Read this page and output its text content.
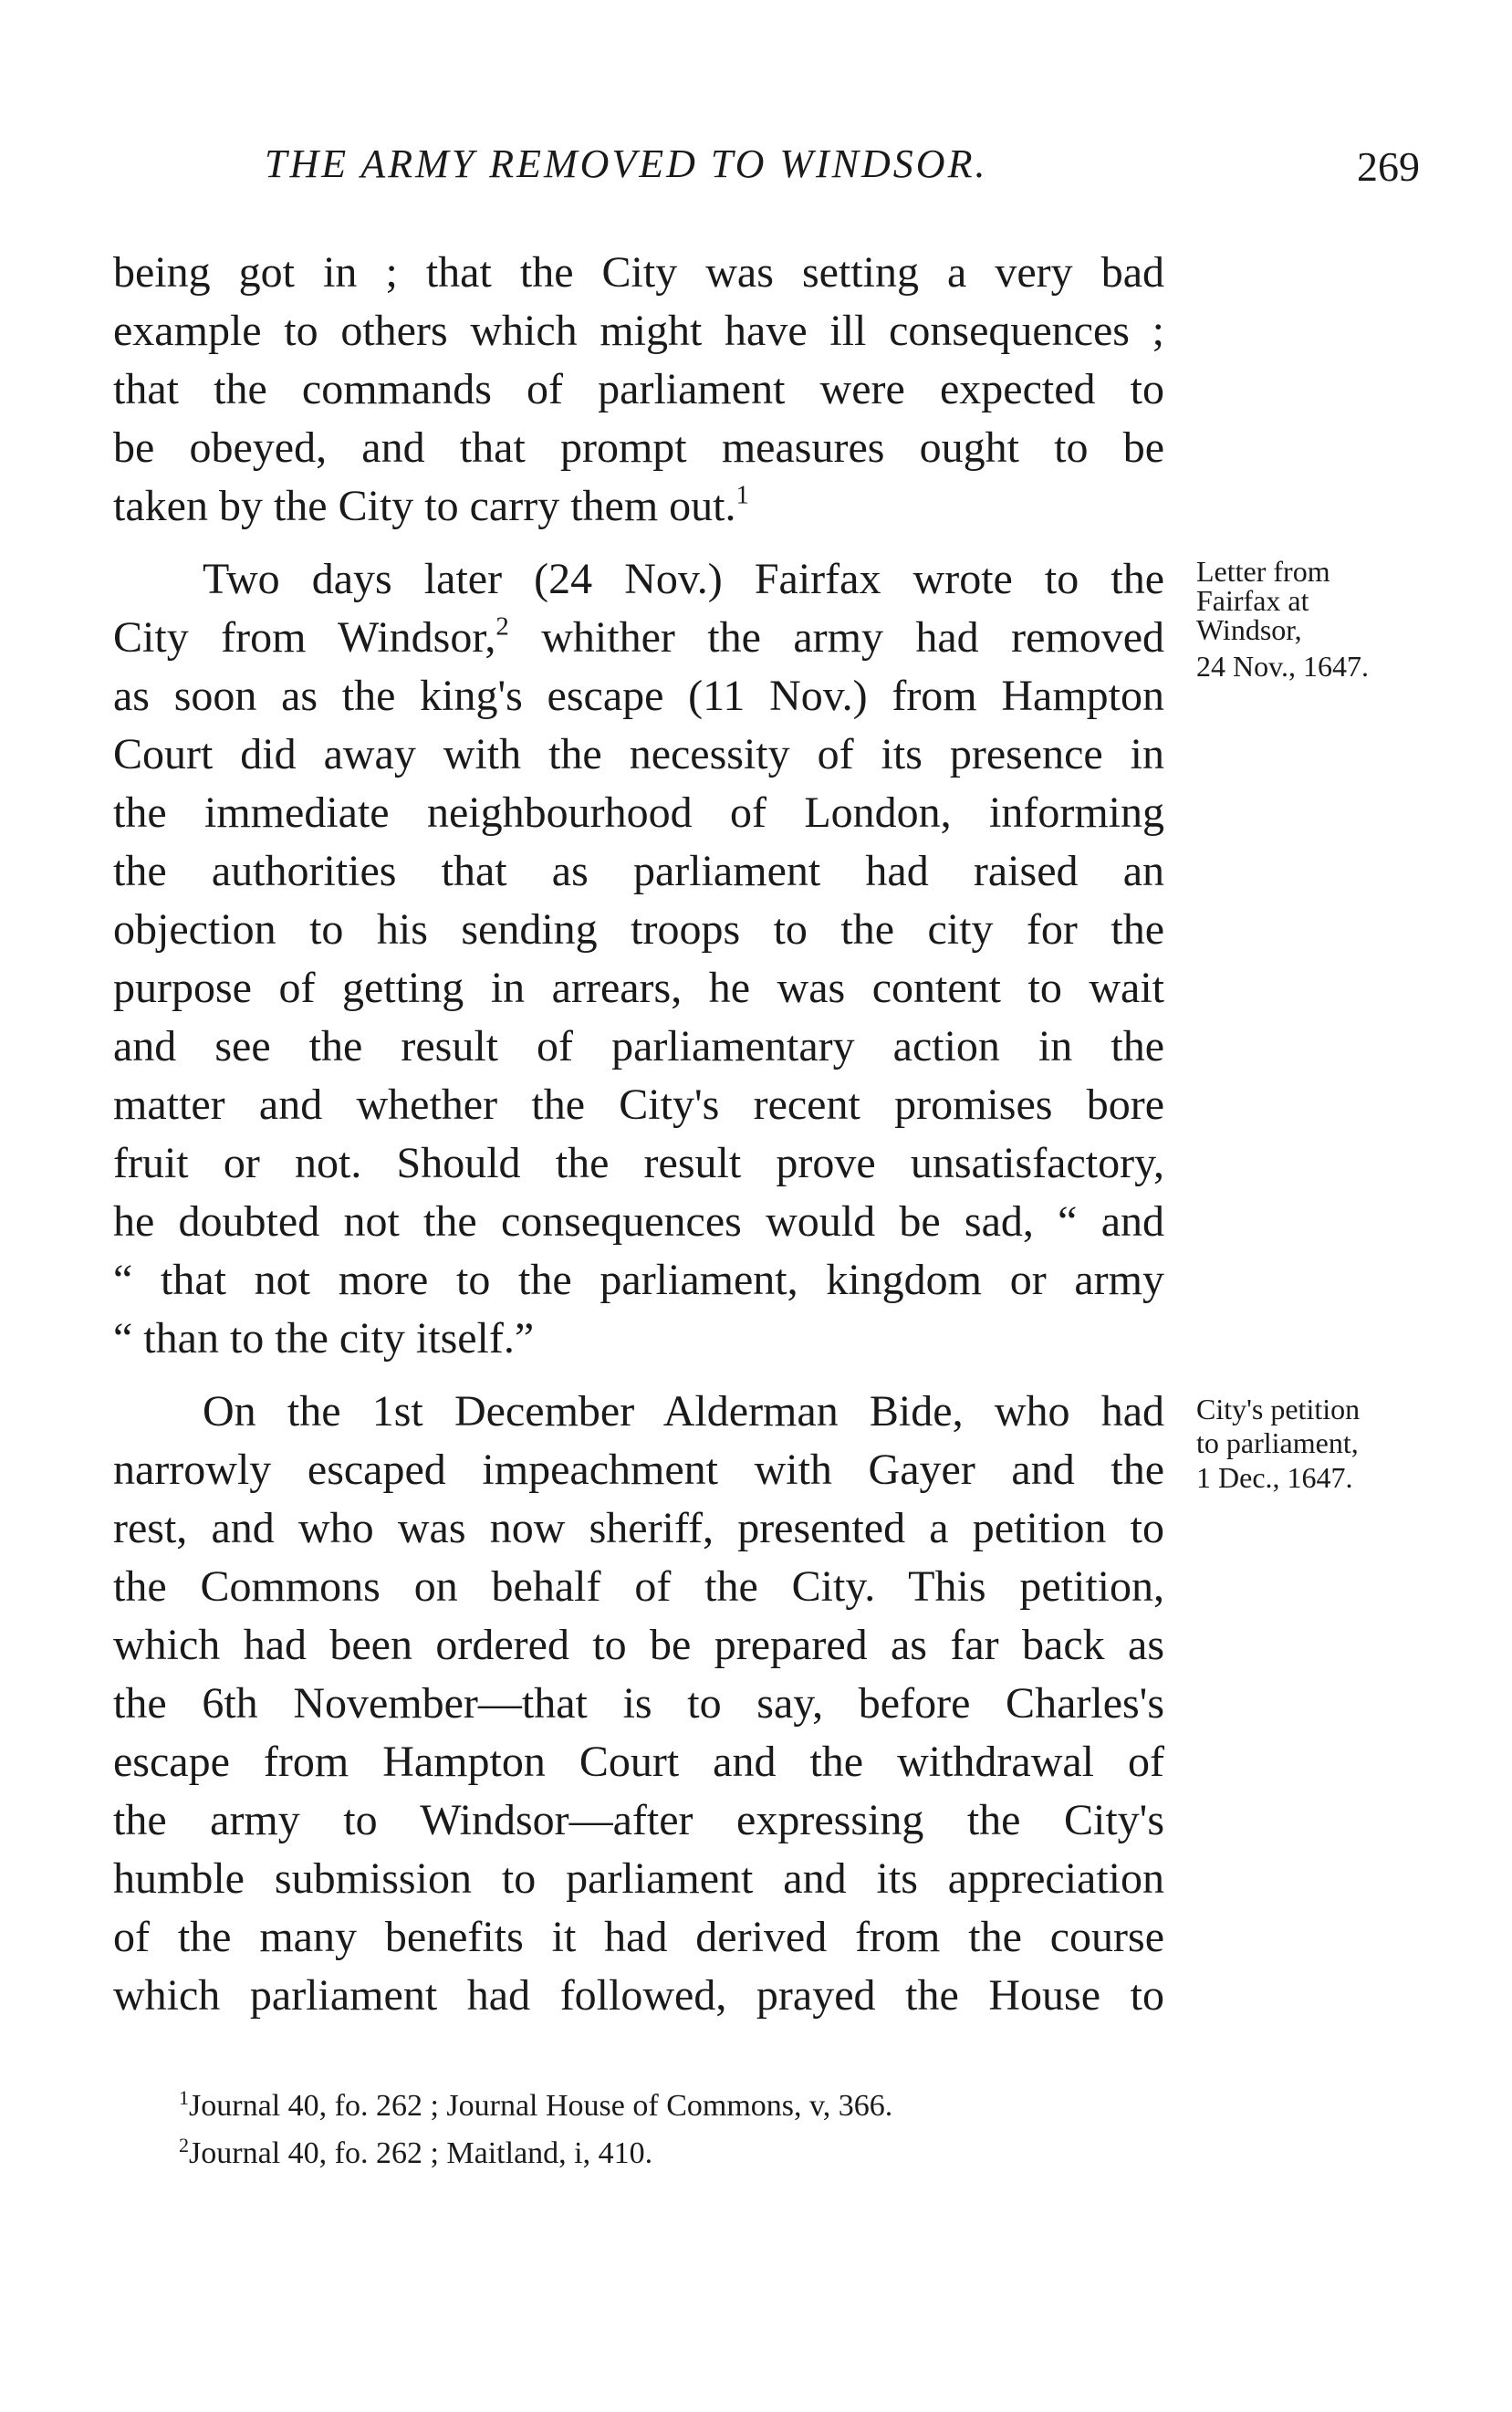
THE ARMY REMOVED TO WINDSOR.	269
being got in ; that the City was setting a very bad
example to others which might have ill consequences ;
that the commands of parliament were expected to
be obeyed, and that prompt measures ought to be
taken by the City to carry them out.$^1$
Two days later (24 Nov.) Fairfax wrote to the
City from Windsor,$^2$ whither the army had removed
as soon as the king's escape (11 Nov.) from Hampton
Court did away with the necessity of its presence in
the immediate neighbourhood of London, informing
the authorities that as parliament had raised an
objection to his sending troops to the city for the
purpose of getting in arrears, he was content to wait
and see the result of parliamentary action in the
matter and whether the City's recent promises bore
fruit or not. Should the result prove unsatisfactory,
he doubted not the consequences would be sad, “ and
“ that not more to the parliament, kingdom or army
“ than to the city itself.”
On the 1st December Alderman Bide, who had
narrowly escaped impeachment with Gayer and the
rest, and who was now sheriff, presented a petition to
the Commons on behalf of the City. This petition,
which had been ordered to be prepared as far back as
the 6th November—that is to say, before Charles's
escape from Hampton Court and the withdrawal of
the army to Windsor—after expressing the City's
humble submission to parliament and its appreciation
of the many benefits it had derived from the course
which parliament had followed, prayed the House to
Letter from
Fairfax at
Windsor,
24 Nov., 1647.
City's petition
to parliament,
1 Dec., 1647.
$^1$Journal 40, fo. 262 ; Journal House of Commons, v, 366.
$^2$Journal 40, fo. 262 ; Maitland, i, 410.
